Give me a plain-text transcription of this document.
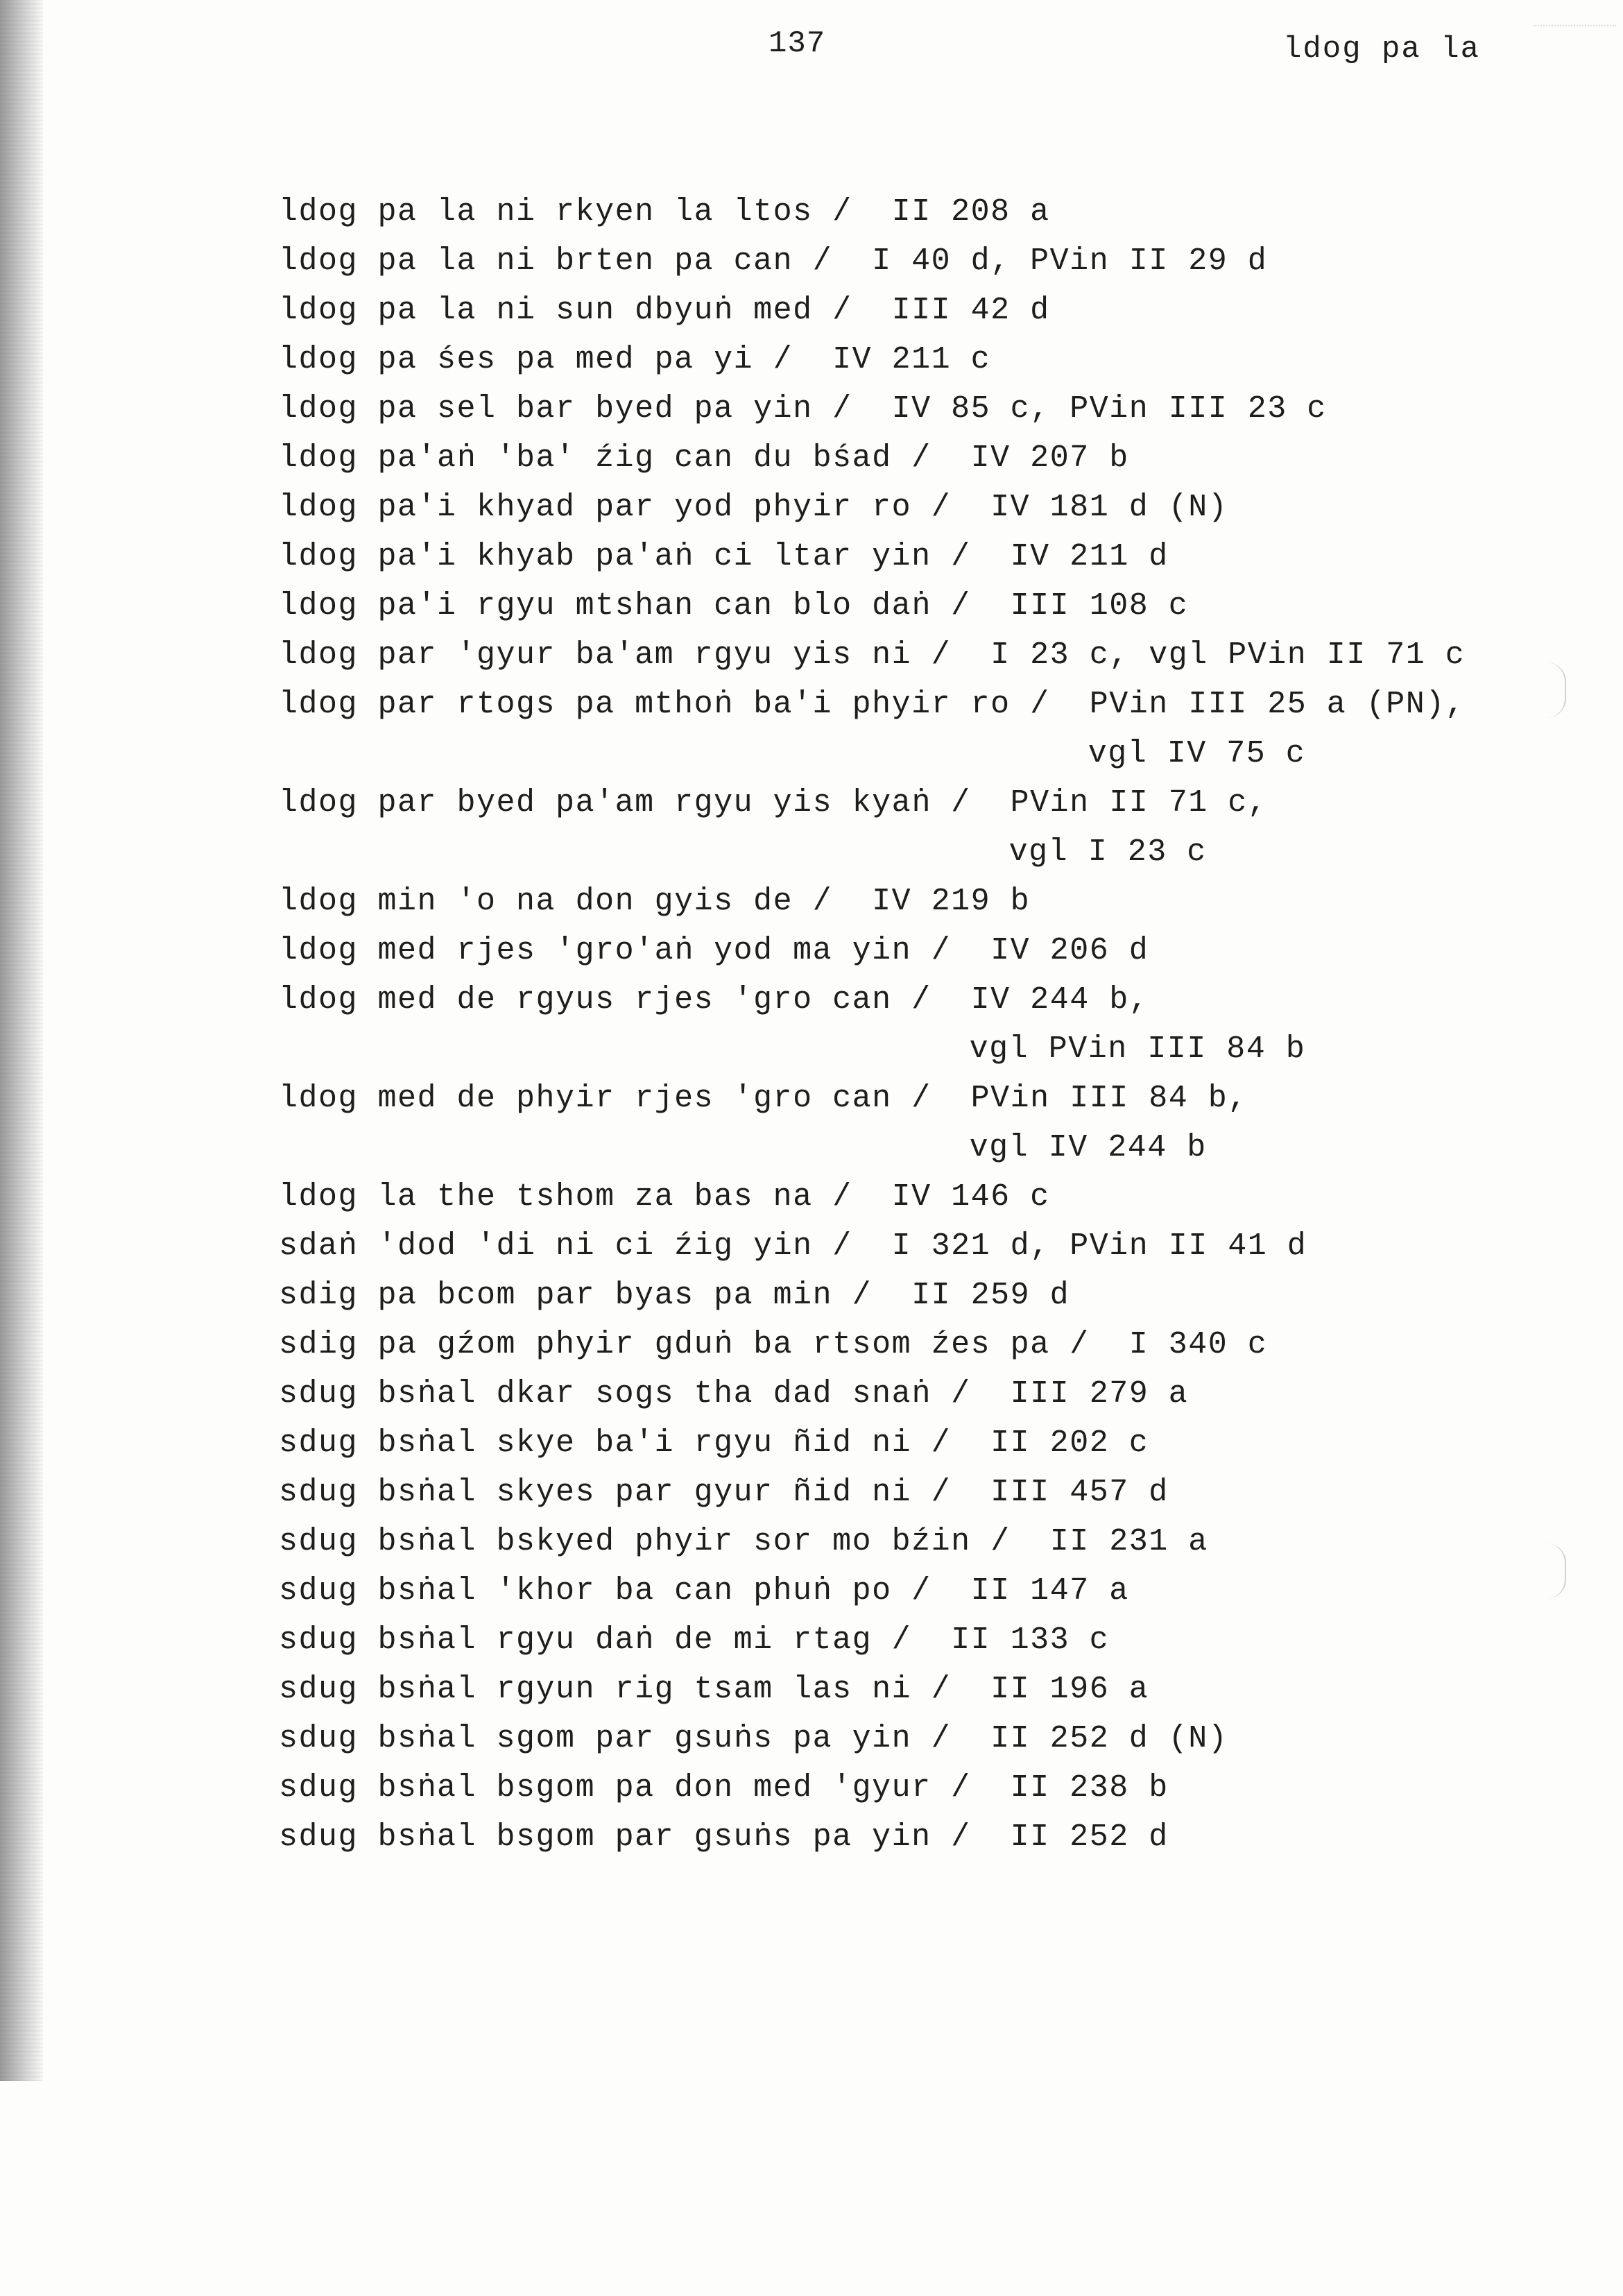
137	ldog pa la
ldog pa la ni rkyen la ltos / II 208 a
ldog pa la ni brten pa can / I 40 d, PVin II 29 d
ldog pa la ni sun dbyuṅ med / III 42 d
ldog pa śes pa med pa yi / IV 211 c
ldog pa sel bar byed pa yin / IV 85 c, PVin III 23 c
ldog pa'aṅ 'ba' źig can du bśad / IV 207 b
ldog pa'i khyad par yod phyir ro / IV 181 d (N)
ldog pa'i khyab pa'aṅ ci ltar yin / IV 211 d
ldog pa'i rgyu mtshan can blo daṅ / III 108 c
ldog par 'gyur ba'am rgyu yis ni / I 23 c, vgl PVin II 71 c
ldog par rtogs pa mthoṅ ba'i phyir ro / PVin III 25 a (PN),
vgl IV 75 c
ldog par byed pa'am rgyu yis kyaṅ / PVin II 71 c,
vgl I 23 c
ldog min 'o na don gyis de / IV 219 b
ldog med rjes 'gro'aṅ yod ma yin / IV 206 d
ldog med de rgyus rjes 'gro can / IV 244 b,
vgl PVin III 84 b
ldog med de phyir rjes 'gro can / PVin III 84 b,
vgl IV 244 b
ldog la the tshom za bas na / IV 146 c
sdaṅ 'dod 'di ni ci źig yin / I 321 d, PVin II 41 d
sdig pa bcom par byas pa min / II 259 d
sdig pa gźom phyir gduṅ ba rtsom źes pa / I 340 c
sdug bsṅal dkar sogs tha dad snaṅ / III 279 a
sdug bsṅal skye ba'i rgyu ñid ni / II 202 c
sdug bsṅal skyes par gyur ñid ni / III 457 d
sdug bsṅal bskyed phyir sor mo bźin / II 231 a
sdug bsṅal 'khor ba can phuṅ po / II 147 a
sdug bsṅal rgyu daṅ de mi rtag / II 133 c
sdug bsṅal rgyun rig tsam las ni / II 196 a
sdug bsṅal sgom par gsuṅs pa yin / II 252 d (N)
sdug bsṅal bsgom pa don med 'gyur / II 238 b
sdug bsṅal bsgom par gsuṅs pa yin / II 252 d
